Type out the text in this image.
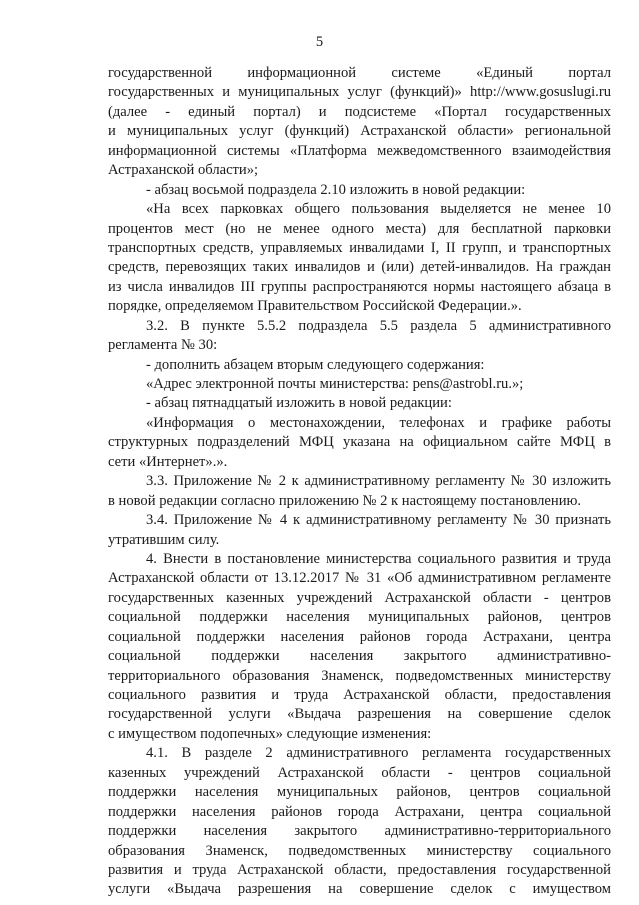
5
государственной информационной системе «Единый портал
государственных и муниципальных услуг (функций)» http://www.gosuslugi.ru
(далее - единый портал) и подсистеме «Портал государственных
и муниципальных услуг (функций) Астраханской области» региональной
информационной системы «Платформа межведомственного взаимодействия
Астраханской области»;
- абзац восьмой подраздела 2.10 изложить в новой редакции:
«На всех парковках общего пользования выделяется не менее 10
процентов мест (но не менее одного места) для бесплатной парковки
транспортных средств, управляемых инвалидами I, II групп, и транспортных
средств, перевозящих таких инвалидов и (или) детей-инвалидов. На граждан
из числа инвалидов III группы распространяются нормы настоящего абзаца в
порядке, определяемом Правительством Российской Федерации.».
3.2. В пункте 5.5.2 подраздела 5.5 раздела 5 административного
регламента № 30:
- дополнить абзацем вторым следующего содержания:
«Адрес электронной почты министерства: pens@astrobl.ru.»;
- абзац пятнадцатый изложить в новой редакции:
«Информация о местонахождении, телефонах и графике работы
структурных подразделений МФЦ указана на официальном сайте МФЦ в
сети «Интернет».».
3.3. Приложение № 2 к административному регламенту № 30 изложить
в новой редакции согласно приложению № 2 к настоящему постановлению.
3.4. Приложение № 4 к административному регламенту № 30 признать
утратившим силу.
4. Внести в постановление министерства социального развития и труда
Астраханской области от 13.12.2017 № 31 «Об административном регламенте
государственных казенных учреждений Астраханской области - центров
социальной поддержки населения муниципальных районов, центров
социальной поддержки населения районов города Астрахани, центра
социальной поддержки населения закрытого административно-
территориального образования Знаменск, подведомственных министерству
социального развития и труда Астраханской области, предоставления
государственной услуги «Выдача разрешения на совершение сделок
с имуществом подопечных» следующие изменения:
4.1. В разделе 2 административного регламента государственных
казенных учреждений Астраханской области - центров социальной
поддержки населения муниципальных районов, центров социальной
поддержки населения районов города Астрахани, центра социальной
поддержки населения закрытого административно-территориального
образования Знаменск, подведомственных министерству социального
развития и труда Астраханской области, предоставления государственной
услуги «Выдача разрешения на совершение сделок с имуществом
